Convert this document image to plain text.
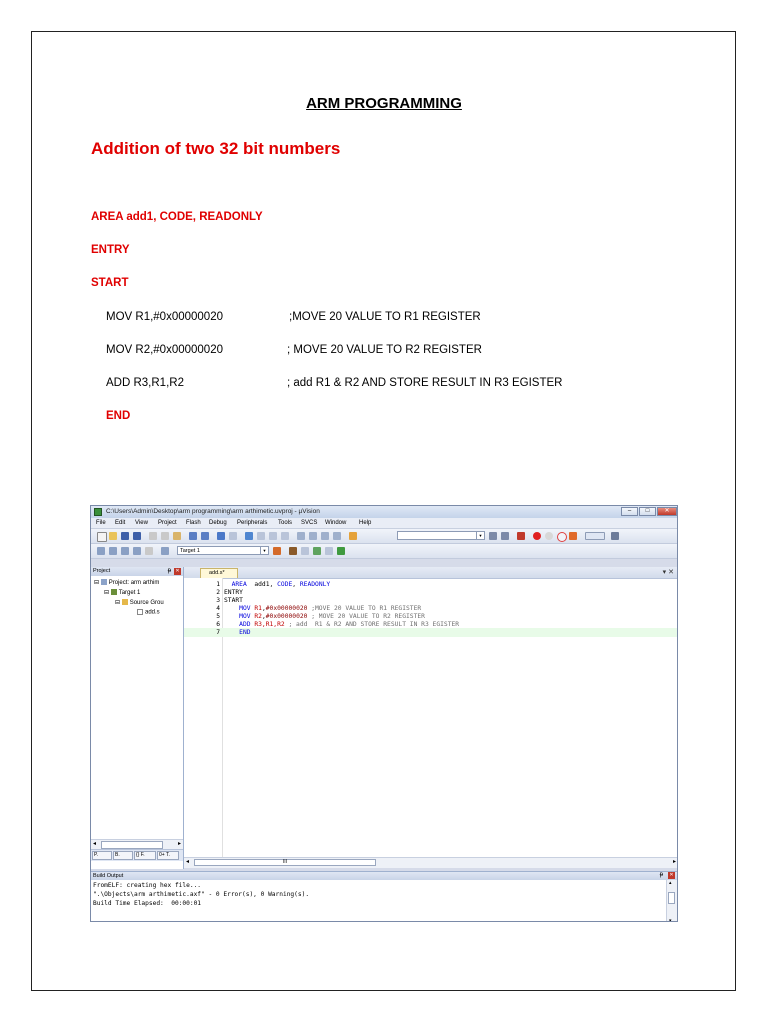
ARM PROGRAMMING
Addition of two 32 bit numbers
AREA add1, CODE, READONLY
ENTRY
START
MOV R1,#0x00000020	;MOVE 20 VALUE TO R1 REGISTER
MOV R2,#0x00000020	; MOVE 20 VALUE TO R2 REGISTER
ADD R3,R1,R2	; add R1 & R2 AND STORE RESULT IN R3 EGISTER
END
C:\Users\Admin\Desktop\arm programming\arm arthimetic.uvproj - µVision	–	□	✕
File Edit View Project Flash Debug Peripherals Tools SVCS Window Help
▼
Target 1	▼
Project	ᵽ ✕
⊟ Project: arm arthim
⊟ Target 1
⊟ Source Grou
add.s
◂	▸
P.	B.	{} F.	0+ T.
add.s*	▾ ✕
1	AREA  add1, CODE, READONLY
2 ENTRY
3 START
4	MOV R1,#0x00000020 ;MOVE 20 VALUE TO R1 REGISTER
5	MOV R2,#0x00000020 ; MOVE 20 VALUE TO R2 REGISTER
6	ADD R3,R1,R2 ; add  R1 & R2 AND STORE RESULT IN R3 EGISTER
7	END
◂	III	▸
Build Output	ᵽ ✕
FromELF: creating hex file...
".\Objects\arm arthimetic.axf" - 0 Error(s), 0 Warning(s).
Build Time Elapsed:  00:00:01
▴
▾
